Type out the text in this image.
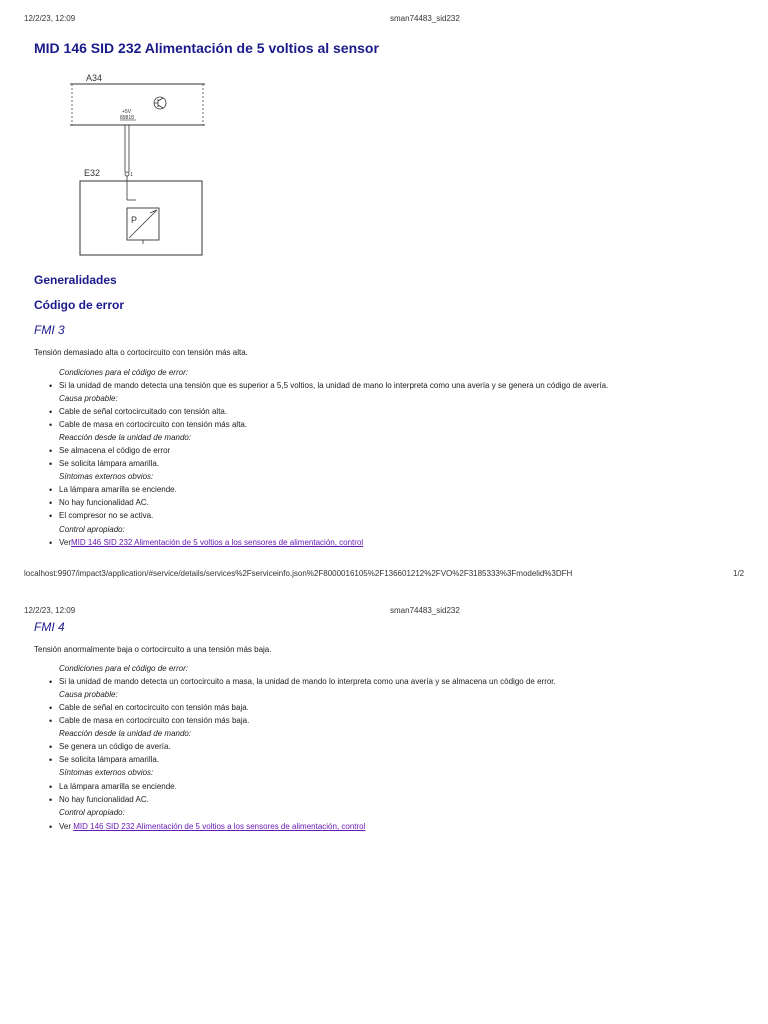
12/2/23, 12:09	sman74483_sid232
MID 146 SID 232 Alimentación de 5 voltios al sensor
A34
+5V
89818
1
E32
P
Generalidades
Código de error
FMI 3
Tensión demasiado alta o cortocircuito con tensión más alta.
Condiciones para el código de error:
• Si la unidad de mando detecta una tensión que es superior a 5,5 voltios, la unidad de mano lo interpreta como una avería y se genera un código de avería.
Causa probable:
• Cable de señal cortocircuitado con tensión alta.
• Cable de masa en cortocircuito con tensión más alta.
Reacción desde la unidad de mando:
• Se almacena el código de error
• Se solicita lámpara amarilla.
Síntomas externos obvios:
• La lámpara amarilla se enciende.
• No hay funcionalidad AC.
• El compresor no se activa.
Control apropiado:
• VerMID 146 SID 232 Alimentación de 5 voltios a los sensores de alimentación, control
localhost:9907/impact3/application/#service/details/services%2Fserviceinfo.json%2F8000016105%2F136601212%2FVO%2F3185333%3Fmodelid%3DFH	1/2
12/2/23, 12:09	sman74483_sid232
FMI 4
Tensión anormalmente baja o cortocircuito a una tensión más baja.
Condiciones para el código de error:
• Si la unidad de mando detecta un cortocircuito a masa, la unidad de mando lo interpreta como una avería y se almacena un código de error.
Causa probable:
• Cable de señal en cortocircuito con tensión más baja.
• Cable de masa en cortocircuito con tensión más baja.
Reacción desde la unidad de mando:
• Se genera un código de avería.
• Se solicita lámpara amarilla.
Síntomas externos obvios:
• La lámpara amarilla se enciende.
• No hay funcionalidad AC.
Control apropiado:
• Ver MID 146 SID 232 Alimentación de 5 voltios a los sensores de alimentación, control
